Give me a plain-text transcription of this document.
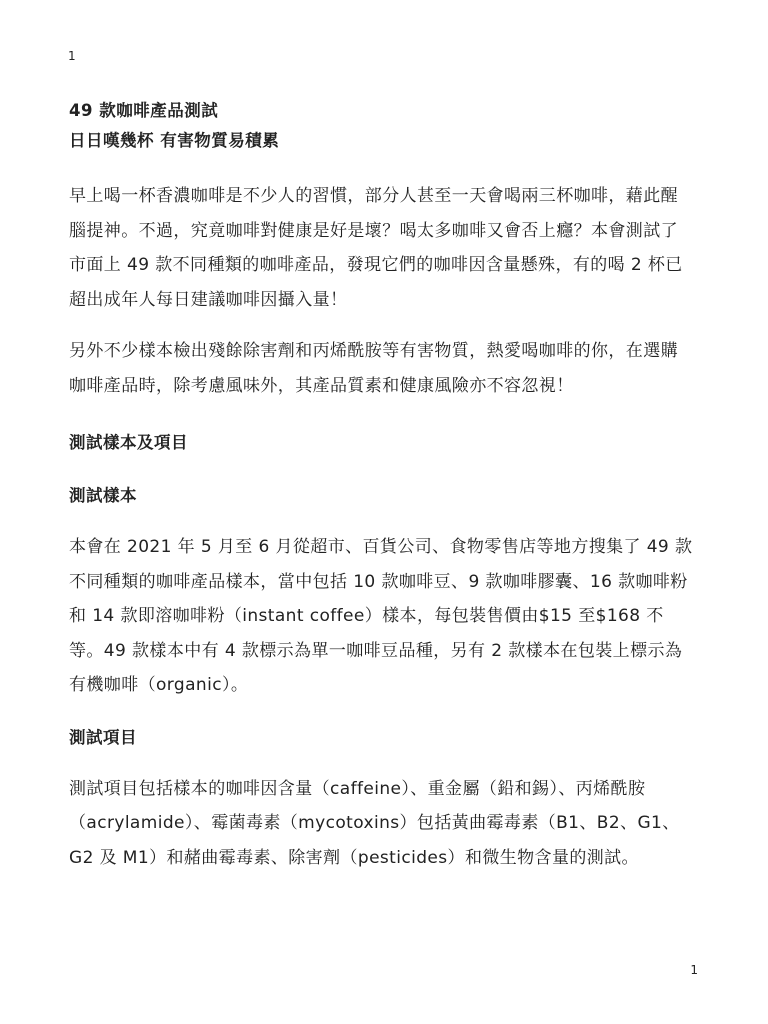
1

49 款咖啡產品測試

日日嘆幾杯 有害物質易積累

早上喝一杯香濃咖啡是不少人的習慣，部分人甚至一天會喝兩三杯咖啡，藉此醒腦提神。不過，究竟咖啡對健康是好是壞？喝太多咖啡又會否上癮？本會測試了市面上 49 款不同種類的咖啡產品，發現它們的咖啡因含量懸殊，有的喝 2 杯已超出成年人每日建議咖啡因攝入量！

另外不少樣本檢出殘餘除害劑和丙烯酰胺等有害物質，熱愛喝咖啡的你，在選購咖啡產品時，除考慮風味外，其產品質素和健康風險亦不容忽視！

測試樣本及項目

測試樣本

本會在 2021 年 5 月至 6 月從超市、百貨公司、食物零售店等地方搜集了 49 款不同種類的咖啡產品樣本，當中包括 10 款咖啡豆、9 款咖啡膠囊、16 款咖啡粉和 14 款即溶咖啡粉（instant coffee）樣本，每包裝售價由$15 至$168 不等。49 款樣本中有 4 款標示為單一咖啡豆品種，另有 2 款樣本在包裝上標示為有機咖啡（organic）。

測試項目

測試項目包括樣本的咖啡因含量（caffeine）、重金屬（鉛和錫）、丙烯酰胺（acrylamide）、霉菌毒素（mycotoxins）包括黃曲霉毒素（B1、B2、G1、G2 及 M1）和赭曲霉毒素、除害劑（pesticides）和微生物含量的測試。

1
